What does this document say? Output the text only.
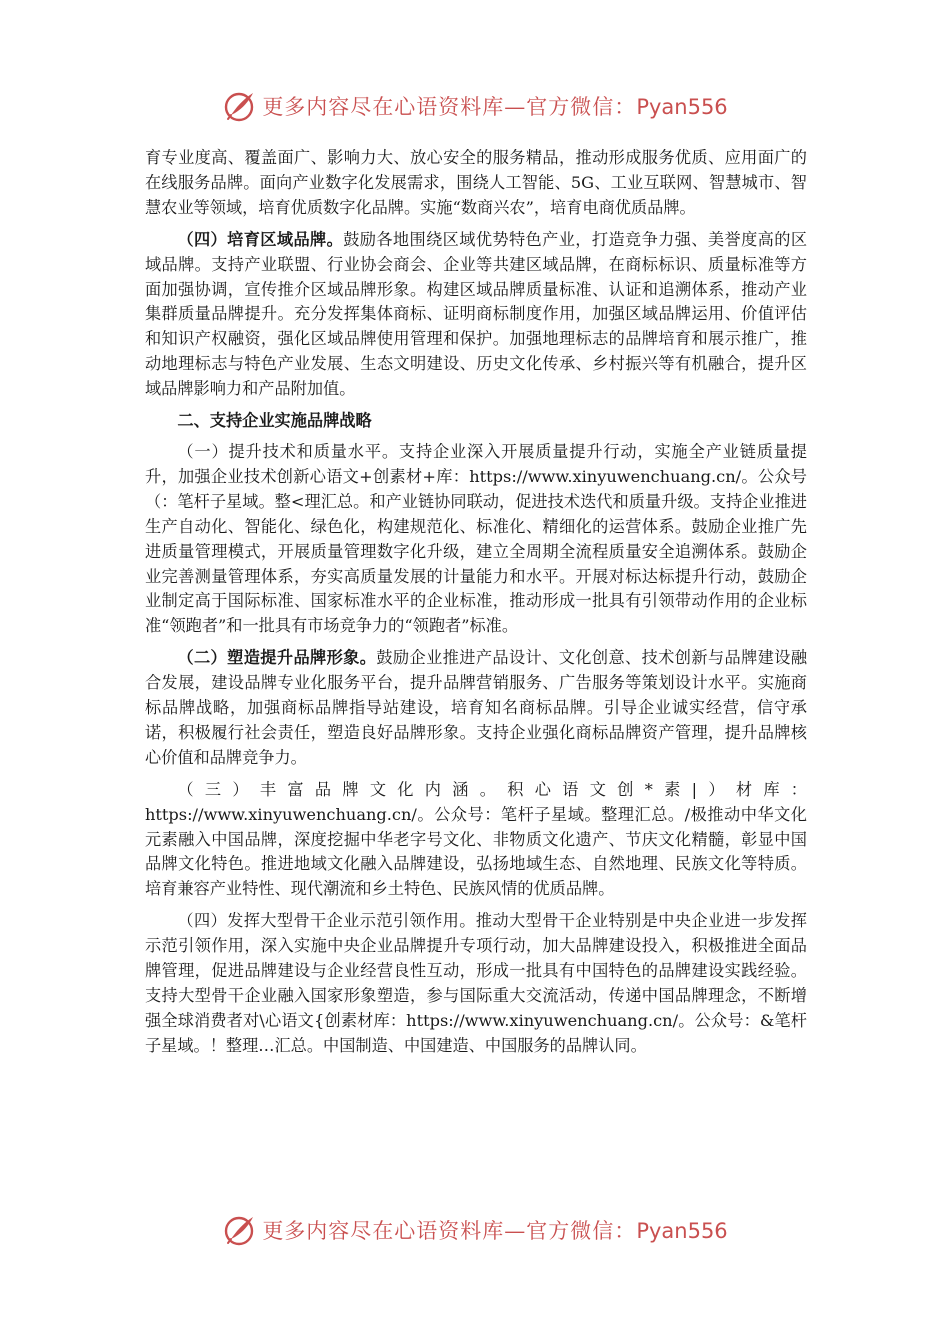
更多内容尽在心语资料库—官方微信：Pyan556

育专业度高、覆盖面广、影响力大、放心安全的服务精品，推动形成服务优质、应用面广的在线服务品牌。面向产业数字化发展需求，围绕人工智能、5G、工业互联网、智慧城市、智慧农业等领域，培育优质数字化品牌。实施“数商兴农”，培育电商优质品牌。

（四）培育区域品牌。鼓励各地围绕区域优势特色产业，打造竞争力强、美誉度高的区域品牌。支持产业联盟、行业协会商会、企业等共建区域品牌，在商标标识、质量标准等方面加强协调，宣传推介区域品牌形象。构建区域品牌质量标准、认证和追溯体系，推动产业集群质量品牌提升。充分发挥集体商标、证明商标制度作用，加强区域品牌运用、价值评估和知识产权融资，强化区域品牌使用管理和保护。加强地理标志的品牌培育和展示推广，推动地理标志与特色产业发展、生态文明建设、历史文化传承、乡村振兴等有机融合，提升区域品牌影响力和产品附加值。

二、支持企业实施品牌战略

（一）提升技术和质量水平。支持企业深入开展质量提升行动，实施全产业链质量提升，加强企业技术创新心语文+创素材+库：https://www.xinyuwenchuang.cn/。公众号（：笔杆子星域。整<理汇总。和产业链协同联动，促进技术迭代和质量升级。支持企业推进生产自动化、智能化、绿色化，构建规范化、标准化、精细化的运营体系。鼓励企业推广先进质量管理模式，开展质量管理数字化升级，建立全周期全流程质量安全追溯体系。鼓励企业完善测量管理体系，夯实高质量发展的计量能力和水平。开展对标达标提升行动，鼓励企业制定高于国际标准、国家标准水平的企业标准，推动形成一批具有引领带动作用的企业标准“领跑者”和一批具有市场竞争力的“领跑者”标准。

（二）塑造提升品牌形象。鼓励企业推进产品设计、文化创意、技术创新与品牌建设融合发展，建设品牌专业化服务平台，提升品牌营销服务、广告服务等策划设计水平。实施商标品牌战略，加强商标品牌指导站建设，培育知名商标品牌。引导企业诚实经营，信守承诺，积极履行社会责任，塑造良好品牌形象。支持企业强化商标品牌资产管理，提升品牌核心价值和品牌竞争力。

（三）丰富品牌文化内涵。积心语文创*素|）材库：https://www.xinyuwenchuang.cn/。公众号：笔杆子星域。整理汇总。/极推动中华文化元素融入中国品牌，深度挖掘中华老字号文化、非物质文化遗产、节庆文化精髓，彰显中国品牌文化特色。推进地域文化融入品牌建设，弘扬地域生态、自然地理、民族文化等特质。培育兼容产业特性、现代潮流和乡土特色、民族风情的优质品牌。

（四）发挥大型骨干企业示范引领作用。推动大型骨干企业特别是中央企业进一步发挥示范引领作用，深入实施中央企业品牌提升专项行动，加大品牌建设投入，积极推进全面品牌管理，促进品牌建设与企业经营良性互动，形成一批具有中国特色的品牌建设实践经验。支持大型骨干企业融入国家形象塑造，参与国际重大交流活动，传递中国品牌理念，不断增强全球消费者对\心语文{创素材库：https://www.xinyuwenchuang.cn/。公众号：&笔杆子星域。！整理…汇总。中国制造、中国建造、中国服务的品牌认同。

更多内容尽在心语资料库—官方微信：Pyan556
